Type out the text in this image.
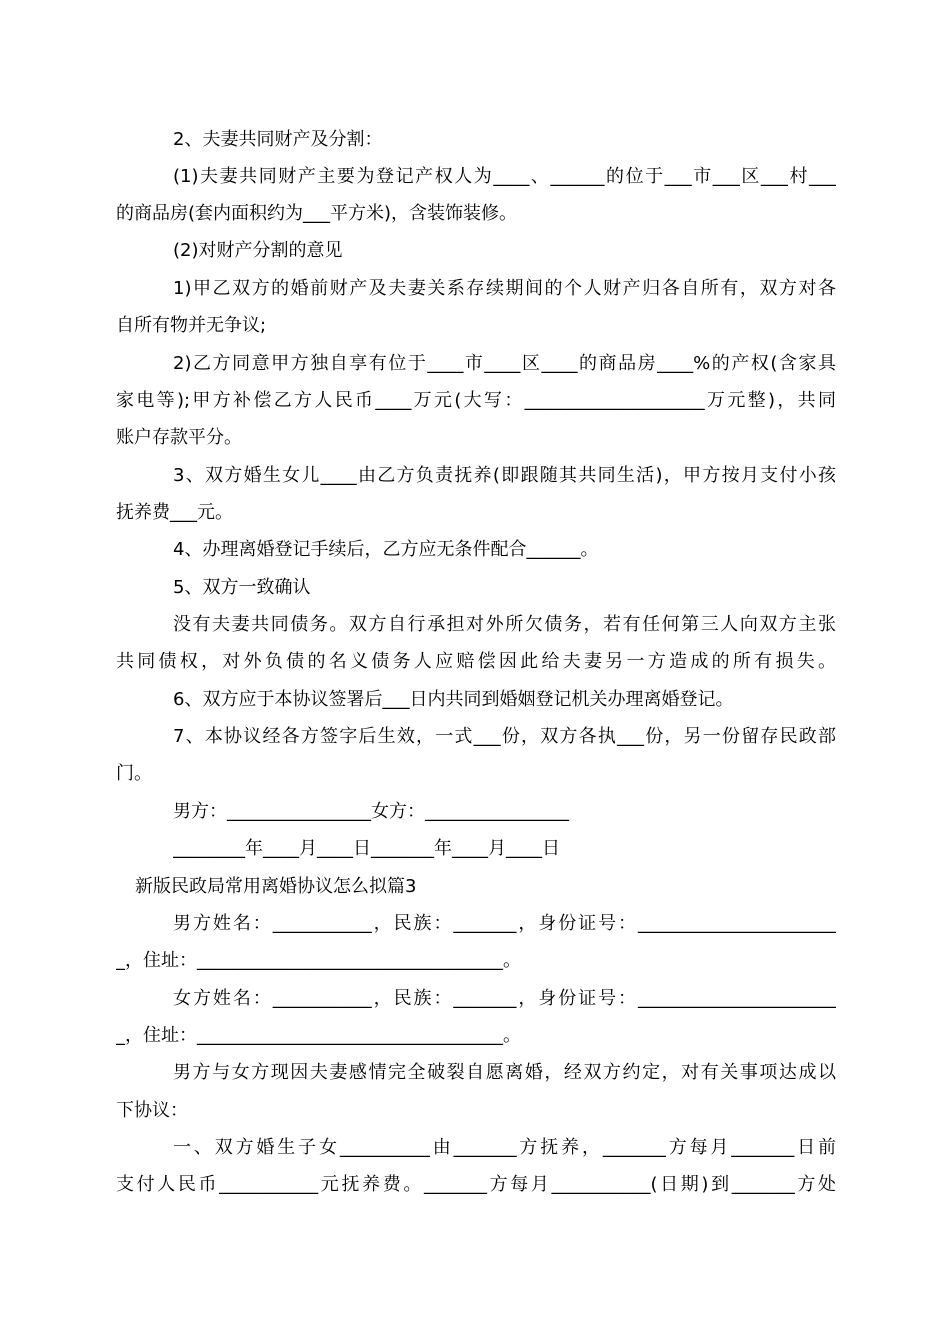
2、夫妻共同财产及分割：
(1)夫妻共同财产主要为登记产权人为____、______的位于___市___区___村___
的商品房(套内面积约为___平方米)，含装饰装修。
(2)对财产分割的意见
1)甲乙双方的婚前财产及夫妻关系存续期间的个人财产归各自所有，双方对各
自所有物并无争议;
2)乙方同意甲方独自享有位于____市____区____的商品房____%的产权(含家具
家电等);甲方补偿乙方人民币____万元(大写：____________________万元整)，共同
账户存款平分。
3、双方婚生女儿____由乙方负责抚养(即跟随其共同生活)，甲方按月支付小孩
抚养费___元。
4、办理离婚登记手续后，乙方应无条件配合______。
5、双方一致确认
没有夫妻共同债务。双方自行承担对外所欠债务，若有任何第三人向双方主张
共同债权，对外负债的名义债务人应赔偿因此给夫妻另一方造成的所有损失。
6、双方应于本协议签署后___日内共同到婚姻登记机关办理离婚登记。
7、本协议经各方签字后生效，一式___份，双方各执___份，另一份留存民政部
门。
男方：________________女方：________________
________年____月____日_______年____月____日
新版民政局常用离婚协议怎么拟篇3
男方姓名：___________，民族：_______，身份证号：______________________
_，住址：__________________________________。
女方姓名：___________，民族：_______，身份证号：______________________
_，住址：__________________________________。
男方与女方现因夫妻感情完全破裂自愿离婚，经双方约定，对有关事项达成以
下协议：
一、双方婚生子女__________由_______方抚养，_______方每月_______日前
支付人民币___________元抚养费。_______方每月___________(日期)到_______方处
